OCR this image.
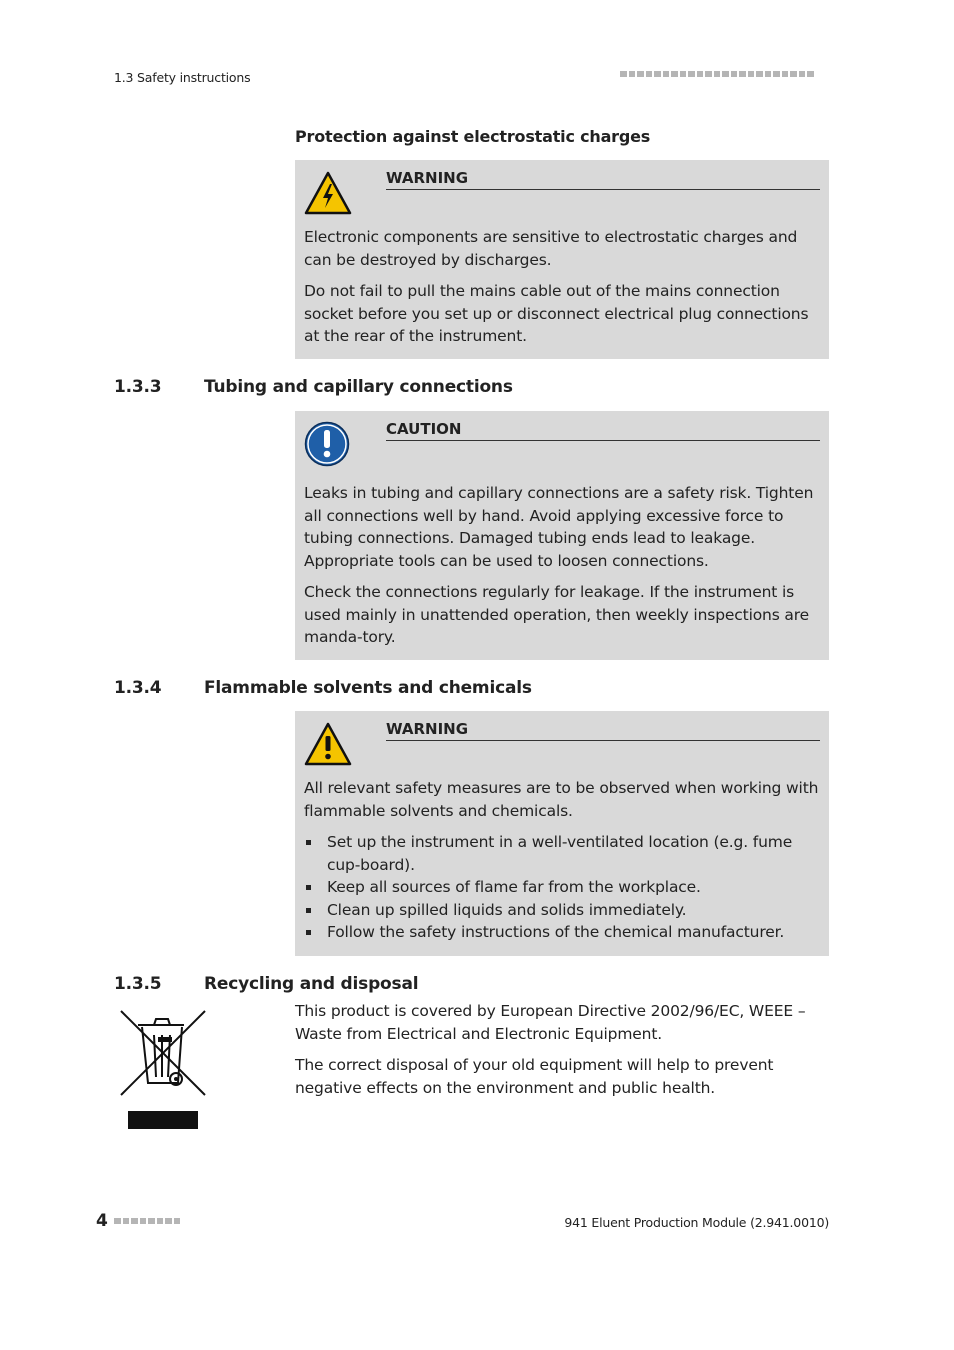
1.3 Safety instructions
Protection against electrostatic charges
WARNING

Electronic components are sensitive to electrostatic charges and can be destroyed by discharges.

Do not fail to pull the mains cable out of the mains connection socket before you set up or disconnect electrical plug connections at the rear of the instrument.

1.3.3	Tubing and capillary connections
CAUTION

Leaks in tubing and capillary connections are a safety risk. Tighten all connections well by hand. Avoid applying excessive force to tubing connections. Damaged tubing ends lead to leakage. Appropriate tools can be used to loosen connections.

Check the connections regularly for leakage. If the instrument is used mainly in unattended operation, then weekly inspections are manda-tory.

1.3.4	Flammable solvents and chemicals
WARNING

All relevant safety measures are to be observed when working with flammable solvents and chemicals.

Set up the instrument in a well-ventilated location (e.g. fume cup-board).
Keep all sources of flame far from the workplace.
Clean up spilled liquids and solids immediately.
Follow the safety instructions of the chemical manufacturer.
1.3.5	Recycling and disposal

This product is covered by European Directive 2002/96/EC, WEEE – Waste from Electrical and Electronic Equipment.

The correct disposal of your old equipment will help to prevent negative effects on the environment and public health.

4	941 Eluent Production Module (2.941.0010)
